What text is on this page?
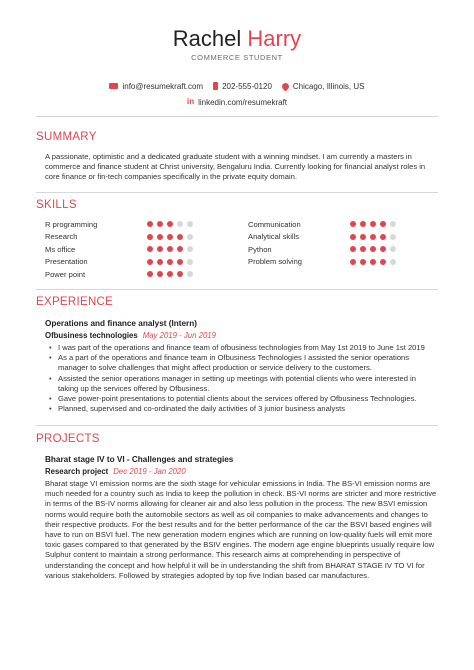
Rachel Harry
COMMERCE STUDENT
info@resumekraft.com 202-555-0120	Chicago, Illinois, US
in linkedin.com/resumekraft
SUMMARY
A passionate, optimistic and a dedicated graduate student with a winning mindset. I am currently a masters in commerce and finance student at Christ university, Bengaluru India. Currently looking for financial analyst roles in core finance or fin-tech companies specifically in the private equity domain.
SKILLS
R programming
Research
Ms office
Presentation
Power point
Communication
Analytical skills
Python
Problem solving
EXPERIENCE
Operations and finance analyst (Intern)
Ofbusiness technologies May 2019 - Jun 2019
• I was part of the operations and finance team of ofbusiness technologies from May 1st 2019 to June 1st 2019
• As a part of the operations and finance team in Ofbusiness Technologies I assisted the senior operations manager to solve challenges that might affect production or service delivery to the customers.
• Assisted the senior operations manager in setting up meetings with potential clients who were interested in taking up the services offered by Ofbusiness.
• Gave power-point presentations to potential clients about the services offered by Ofbusiness Technologies.
• Planned, supervised and co-ordinated the daily activities of 3 junior business analysts
PROJECTS
Bharat stage IV to VI - Challenges and strategies
Research project Dec 2019 - Jan 2020
Bharat stage VI emission norms are the sixth stage for vehicular emissions in India. The BS-VI emission norms are much needed for a country such as India to keep the pollution in check. BS-VI norms are stricter and more restrictive in terms of the BS-IV norms allowing for cleaner air and also less pollution in the process. The new BSVI emission norms would require both the automobile sectors as well as oil companies to make advancements and changes to their respective products. For the best results and for the better performance of the car the BSVI based engines will have to run on BSVI fuel. The new generation modern engines which are running on low-quality fuels will emit more toxic gases compared to that generated by the BSIV engines. The modern age engine blueprints usually require low Sulphur content to maintain a strong performance. This research aims at comprehending in perspective of understanding the concept and how helpful it will be in understanding the shift from BHARAT STAGE IV TO VI for various stakeholders. Followed by strategies adopted by top five Indian based car manufactures.
